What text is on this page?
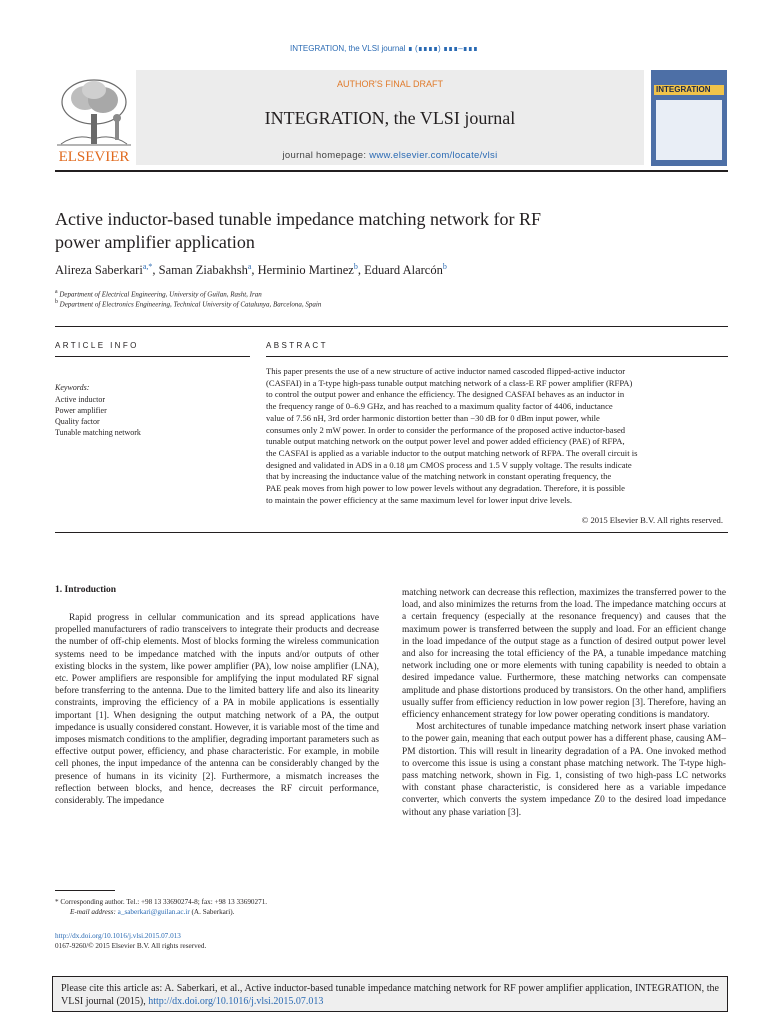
INTEGRATION, the VLSI journal ∎ (∎∎∎∎) ∎∎∎–∎∎∎
ELSEVIER
AUTHOR'S FINAL DRAFT
INTEGRATION, the VLSI journal
journal homepage: www.elsevier.com/locate/vlsi
INTEGRATION
Active inductor-based tunable impedance matching network for RF
power amplifier application
Alireza Saberkari$^{a,*}$, Saman Ziabakhsh$^a$, Herminio Martinez$^b$, Eduard Alarcón$^b$
$^a$ Department of Electrical Engineering, University of Guilan, Rasht, Iran
$^b$ Department of Electronics Engineering, Technical University of Catalunya, Barcelona, Spain
ARTICLE INFO
Keywords:
Active inductor
Power amplifier
Quality factor
Tunable matching network
ABSTRACT
This paper presents the use of a new structure of active inductor named cascoded flipped-active inductor
(CASFAI) in a T-type high-pass tunable output matching network of a class-E RF power amplifier (RFPA)
to control the output power and enhance the efficiency. The designed CASFAI behaves as an inductor in
the frequency range of 0–6.9 GHz, and has reached to a maximum quality factor of 4406, inductance
value of 7.56 nH, 3rd order harmonic distortion better than −30 dB for 0 dBm input power, while
consumes only 2 mW power. In order to consider the performance of the proposed active inductor-based
tunable output matching network on the output power level and power added efficiency (PAE) of RFPA,
the CASFAI is applied as a variable inductor to the output matching network of RFPA. The overall circuit is
designed and validated in ADS in a 0.18 μm CMOS process and 1.5 V supply voltage. The results indicate
that by increasing the inductance value of the matching network in constant operating frequency, the
PAE peak moves from high power to low power levels without any degradation. Therefore, it is possible
to maintain the power efficiency at the same maximum level for lower input drive levels.
© 2015 Elsevier B.V. All rights reserved.
1. Introduction

Rapid progress in cellular communication and its spread applications have propelled manufacturers of radio transceivers to integrate their products and decrease the number of off-chip elements. Most of blocks forming the wireless communication systems need to be impedance matched with the inputs and/or outputs of other existing blocks in the system, like power amplifier (PA), low noise amplifier (LNA), etc. Power amplifiers are responsible for amplifying the input modulated RF signal before transferring to the antenna. Due to the limited battery life and also its linearity constraints, improving the efficiency of a PA in mobile applications is essentially important [1]. When designing the output matching network of a PA, the output impedance is usually considered constant. However, it is variable most of the time and imposes mismatch conditions to the amplifier, degrading important parameters such as effective output power, efficiency, and phase characteristic. For example, in mobile cell phones, the input impedance of the antenna can be considerably changed by the presence of humans in its vicinity [2]. Furthermore, a mismatch increases the reflection between blocks, and hence, decreases the RF circuit performance, considerably. The impedance

matching network can decrease this reflection, maximizes the transferred power to the load, and also minimizes the returns from the load. The impedance matching occurs at a certain frequency (especially at the resonance frequency) and causes that the maximum power is transferred between the supply and load. For an efficient change in the load impedance of the output stage as a function of desired output power level and also for increasing the total efficiency of the PA, a tunable impedance matching network including one or more elements with tuning capability is needed to obtain a desired impedance value. Furthermore, these matching networks can compensate amplitude and phase distortions produced by transistors. On the other hand, amplifiers usually suffer from efficiency reduction in low power region [3]. Therefore, having an efficiency enhancement strategy for low power operating conditions is mandatory.

Most architectures of tunable impedance matching network insert phase variation to the power gain, meaning that each output power has a different phase, causing AM–PM distortion. This will result in linearity degradation of a PA. One invoked method to overcome this issue is using a constant phase matching network. The T-type high-pass matching network, shown in Fig. 1, consisting of two high-pass LC networks with constant phase characteristic, is considered here as a variable impedance converter, which converts the system impedance Z0 to the desired load impedance without any phase variation [3].

* Corresponding author. Tel.: +98 13 33690274-8; fax: +98 13 33690271.
E-mail address: a_saberkari@guilan.ac.ir (A. Saberkari).
http://dx.doi.org/10.1016/j.vlsi.2015.07.013
0167-9260/© 2015 Elsevier B.V. All rights reserved.
Please cite this article as: A. Saberkari, et al., Active inductor-based tunable impedance matching network for RF power amplifier application, INTEGRATION, the VLSI journal (2015), http://dx.doi.org/10.1016/j.vlsi.2015.07.013
